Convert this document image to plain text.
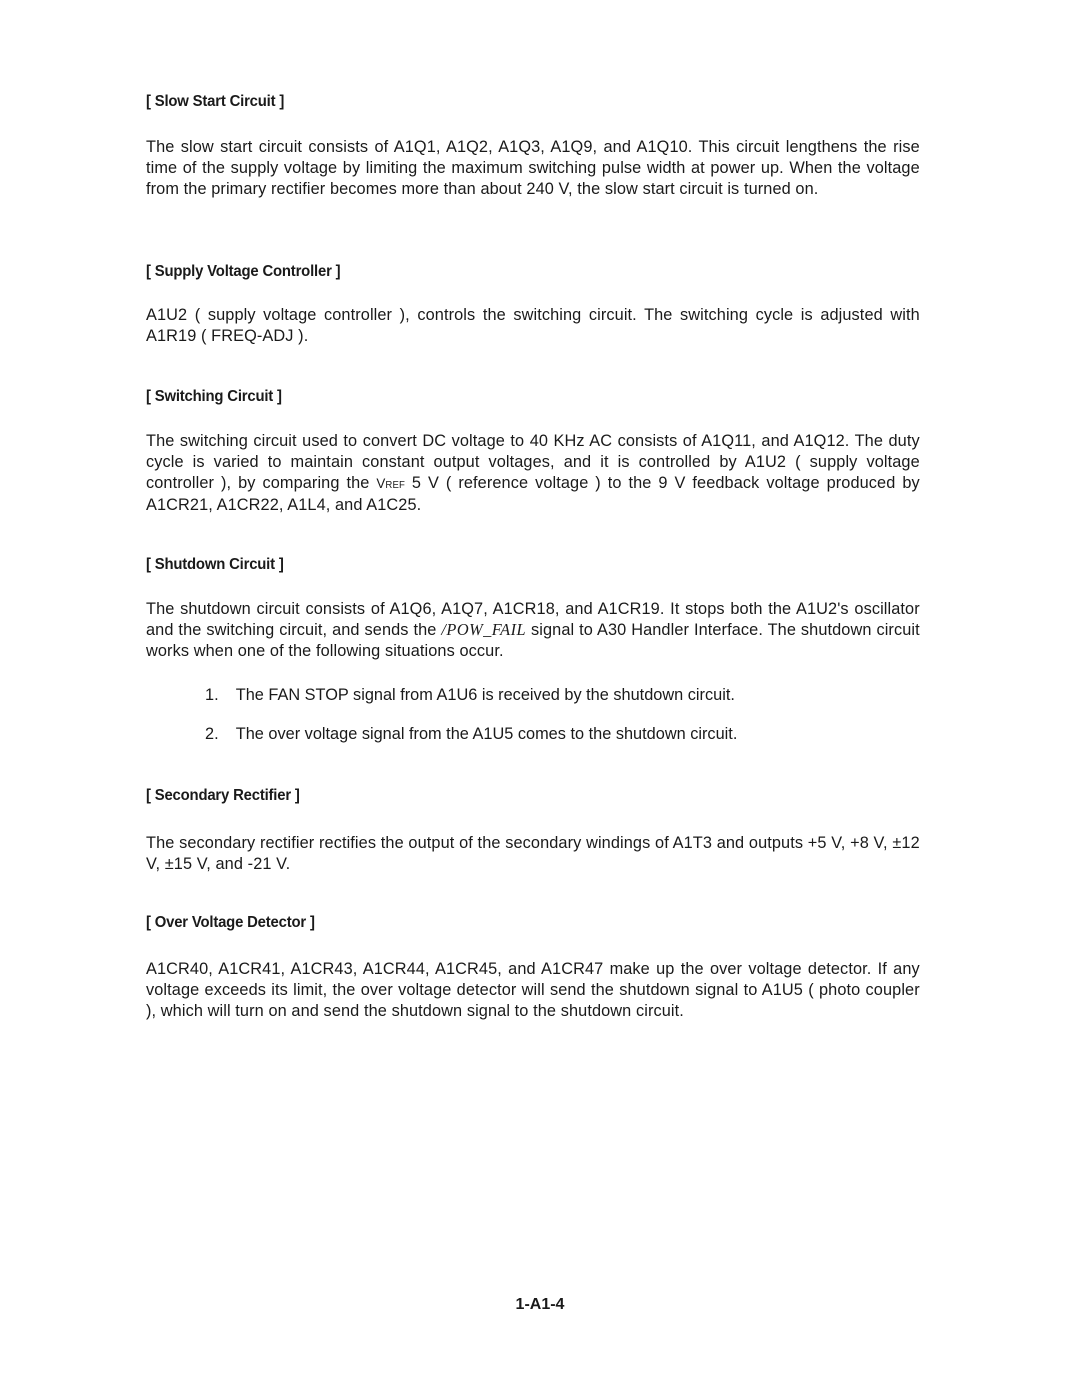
[ Slow Start Circuit ]

The slow start circuit consists of A1Q1, A1Q2, A1Q3, A1Q9, and A1Q10. This circuit lengthens the rise time of the supply voltage by limiting the maximum switching pulse width at power up. When the voltage from the primary rectifier becomes more than about 240 V, the slow start circuit is turned on.

[ Supply Voltage Controller ]

A1U2 ( supply voltage controller ), controls the switching circuit. The switching cycle is adjusted with A1R19 ( FREQ-ADJ ).

[ Switching Circuit ]

The switching circuit used to convert DC voltage to 40 KHz AC consists of A1Q11, and A1Q12. The duty cycle is varied to maintain constant output voltages, and it is controlled by A1U2 ( supply voltage controller ), by comparing the Vref 5 V ( reference voltage ) to the 9 V feedback voltage produced by A1CR21, A1CR22, A1L4, and A1C25.

[ Shutdown Circuit ]

The shutdown circuit consists of A1Q6, A1Q7, A1CR18, and A1CR19. It stops both the A1U2's oscillator and the switching circuit, and sends the /POW_FAIL signal to A30 Handler Interface. The shutdown circuit works when one of the following situations occur.

1.	The FAN STOP signal from A1U6 is received by the shutdown circuit.
2.	The over voltage signal from the A1U5 comes to the shutdown circuit.
[ Secondary Rectifier ]

The secondary rectifier rectifies the output of the secondary windings of A1T3 and outputs +5 V, +8 V, ±12 V, ±15 V, and -21 V.

[ Over Voltage Detector ]

A1CR40, A1CR41, A1CR43, A1CR44, A1CR45, and A1CR47 make up the over voltage detector. If any voltage exceeds its limit, the over voltage detector will send the shutdown signal to A1U5 ( photo coupler ), which will turn on and send the shutdown signal to the shutdown circuit.

1-A1-4
